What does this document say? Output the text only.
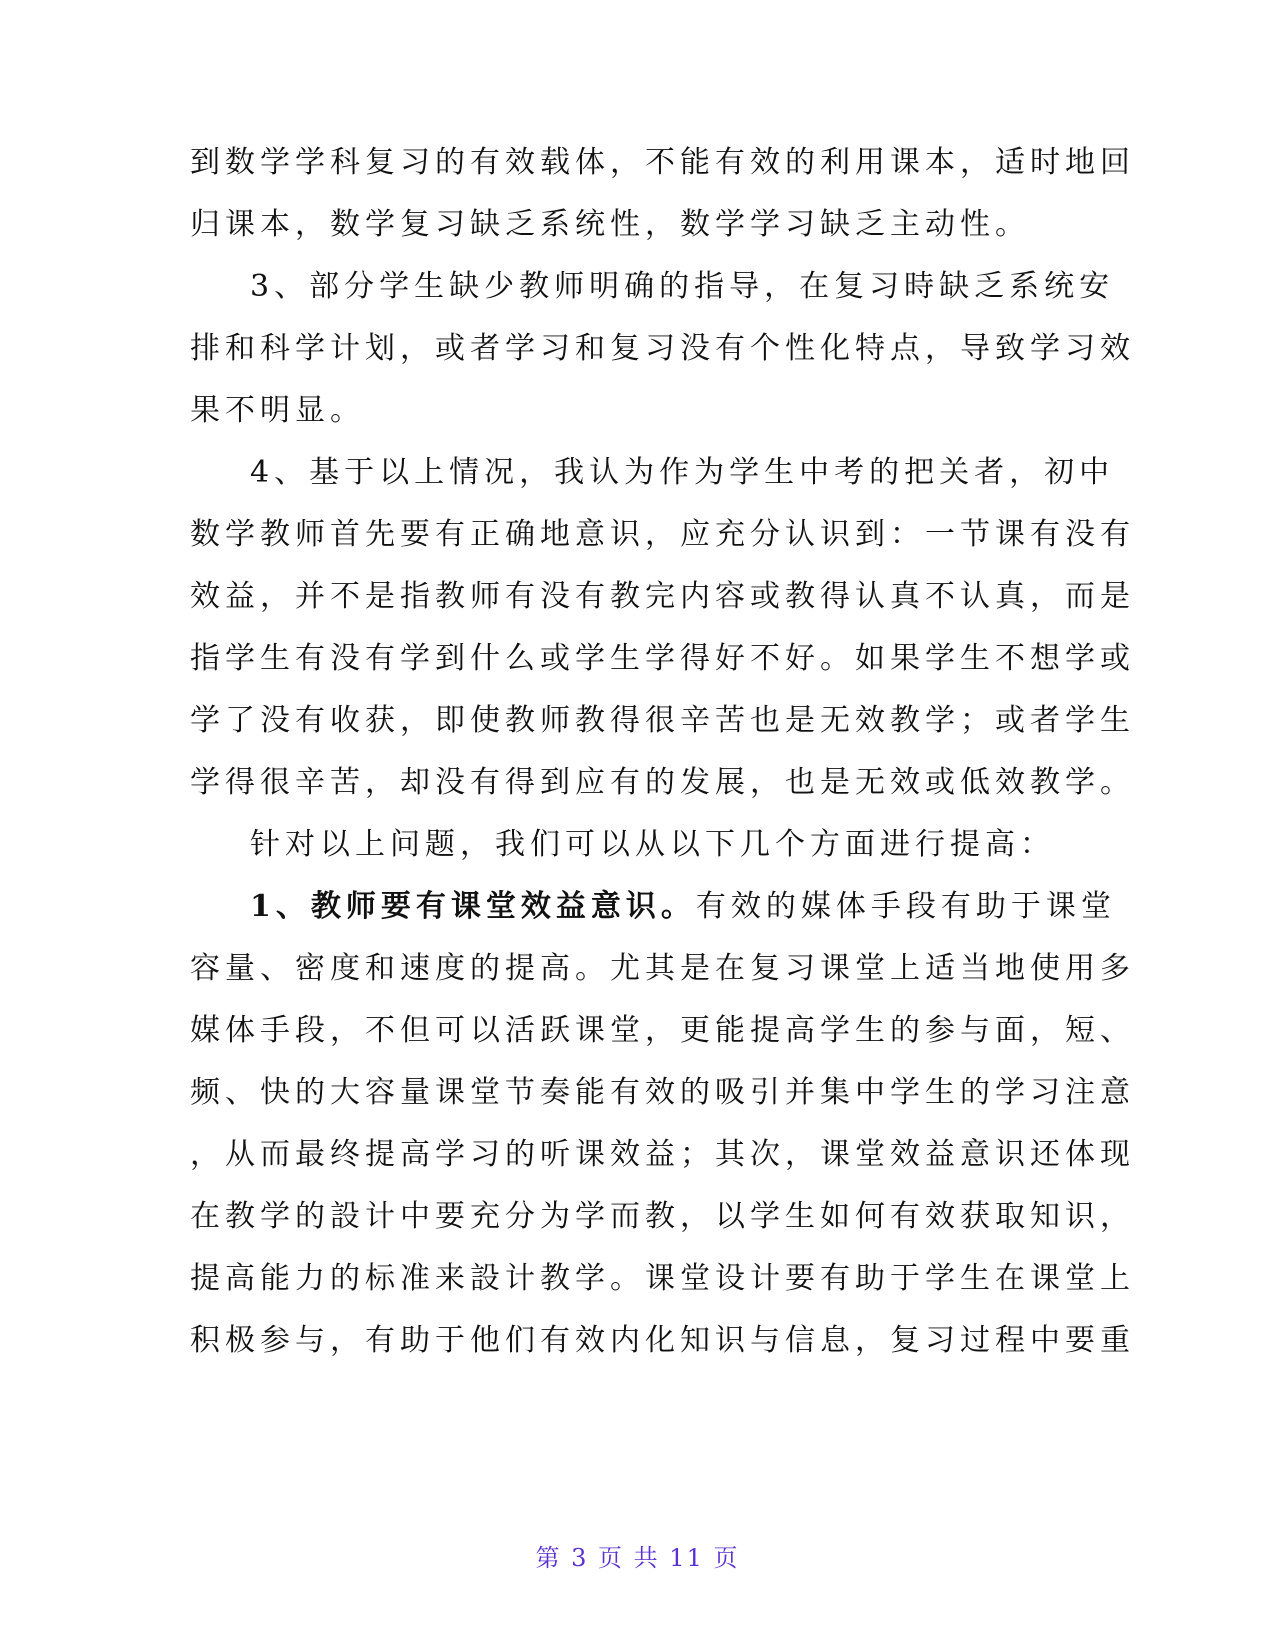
到数学学科复习的有效载体，不能有效的利用课本，适时地回
归课本，数学复习缺乏系统性，数学学习缺乏主动性。
3、部分学生缺少教师明确的指导，在复习時缺乏系统安
排和科学计划，或者学习和复习没有个性化特点，导致学习效
果不明显。
4、基于以上情况，我认为作为学生中考的把关者，初中
数学教师首先要有正确地意识，应充分认识到：一节课有没有
效益，并不是指教师有没有教完内容或教得认真不认真，而是
指学生有没有学到什么或学生学得好不好。如果学生不想学或
学了没有收获，即使教师教得很辛苦也是无效教学；或者学生
学得很辛苦，却没有得到应有的发展，也是无效或低效教学。
针对以上问题，我们可以从以下几个方面进行提高：
1、教师要有课堂效益意识。有效的媒体手段有助于课堂
容量、密度和速度的提高。尤其是在复习课堂上适当地使用多
媒体手段，不但可以活跃课堂，更能提高学生的参与面，短、
频、快的大容量课堂节奏能有效的吸引并集中学生的学习注意
，从而最终提高学习的听课效益；其次，课堂效益意识还体现
在教学的設计中要充分为学而教，以学生如何有效获取知识，
提高能力的标准来設计教学。课堂设计要有助于学生在课堂上
积极参与，有助于他们有效内化知识与信息，复习过程中要重
第 3 页 共 11 页
